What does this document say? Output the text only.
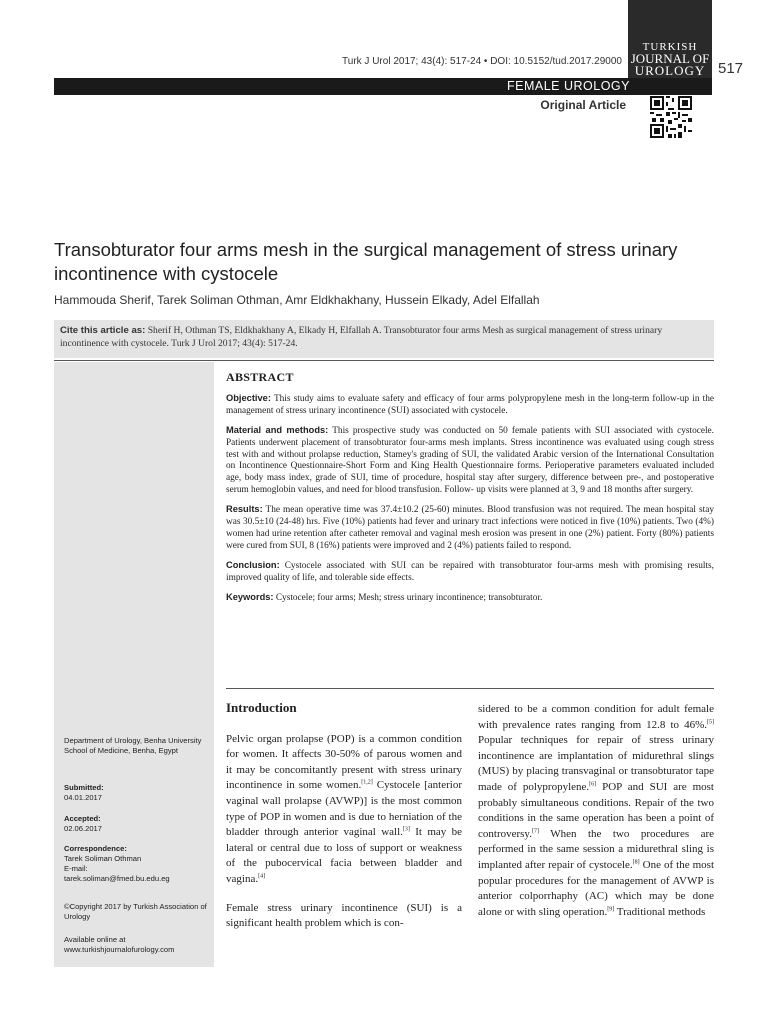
Turk J Urol 2017; 43(4): 517-24 • DOI: 10.5152/tud.2017.29000
TURKISH
JOURNAL OF
UROLOGY 517
FEMALE UROLOGY
Original Article
Transobturator four arms mesh in the surgical management of stress urinary incontinence with cystocele
Hammouda Sherif, Tarek Soliman Othman, Amr Eldkhakhany, Hussein Elkady, Adel Elfallah

Cite this article as: Sherif H, Othman TS, Eldkhakhany A, Elkady H, Elfallah A. Transobturator four arms Mesh as surgical management of stress urinary incontinence with cystocele. Turk J Urol 2017; 43(4): 517-24.

Department of Urology, Benha University School of Medicine, Benha, Egypt
Submitted:
04.01.2017
Accepted:
02.06.2017
Correspondence:
Tarek Soliman Othman
E-mail:
tarek.soliman@fmed.bu.edu.eg
©Copyright 2017 by Turkish Association of Urology
Available online at
www.turkishjournalofurology.com
ABSTRACT

Objective: This study aims to evaluate safety and efficacy of four arms polypropylene mesh in the long-term follow-up in the management of stress urinary incontinence (SUI) associated with cystocele.

Material and methods: This prospective study was conducted on 50 female patients with SUI associated with cystocele. Patients underwent placement of transobturator four-arms mesh implants. Stress incontinence was evaluated using cough stress test with and without prolapse reduction, Stamey's grading of SUI, the validated Arabic version of the International Consultation on Incontinence Questionnaire-Short Form and King Health Questionnaire forms. Perioperative parameters evaluated included age, body mass index, grade of SUI, time of procedure, hospital stay after surgery, difference between pre-, and postoperative serum hemoglobin values, and need for blood transfusion. Follow- up visits were planned at 3, 9 and 18 months after surgery.

Results: The mean operative time was 37.4±10.2 (25-60) minutes. Blood transfusion was not required. The mean hospital stay was 30.5±10 (24-48) hrs. Five (10%) patients had fever and urinary tract infections were noticed in five (10%) patients. Two (4%) women had urine retention after catheter removal and vaginal mesh erosion was present in one (2%) patient. Forty (80%) patients were cured from SUI, 8 (16%) patients were improved and 2 (4%) patients failed to respond.

Conclusion: Cystocele associated with SUI can be repaired with transobturator four-arms mesh with promising results, improved quality of life, and tolerable side effects.

Keywords: Cystocele; four arms; Mesh; stress urinary incontinence; transobturator.

Introduction

Pelvic organ prolapse (POP) is a common condition for women. It affects 30-50% of parous women and it may be concomitantly present with stress urinary incontinence in some women.[1,2] Cystocele [anterior vaginal wall prolapse (AVWP)] is the most common type of POP in women and is due to herniation of the bladder through anterior vaginal wall.[3] It may be lateral or central due to loss of support or weakness of the pubocervical facia between bladder and vagina.[4]

Female stress urinary incontinence (SUI) is a significant health problem which is con-

sidered to be a common condition for adult female with prevalence rates ranging from 12.8 to 46%.[5] Popular techniques for repair of stress urinary incontinence are implantation of midurethral slings (MUS) by placing transvaginal or transobturator tape made of polypropylene.[6] POP and SUI are most probably simultaneous conditions. Repair of the two conditions in the same operation has been a point of controversy.[7] When the two procedures are performed in the same session a midurethral sling is implanted after repair of cystocele.[8] One of the most popular procedures for the management of AVWP is anterior colporrhaphy (AC) which may be done alone or with sling operation.[9] Traditional methods
